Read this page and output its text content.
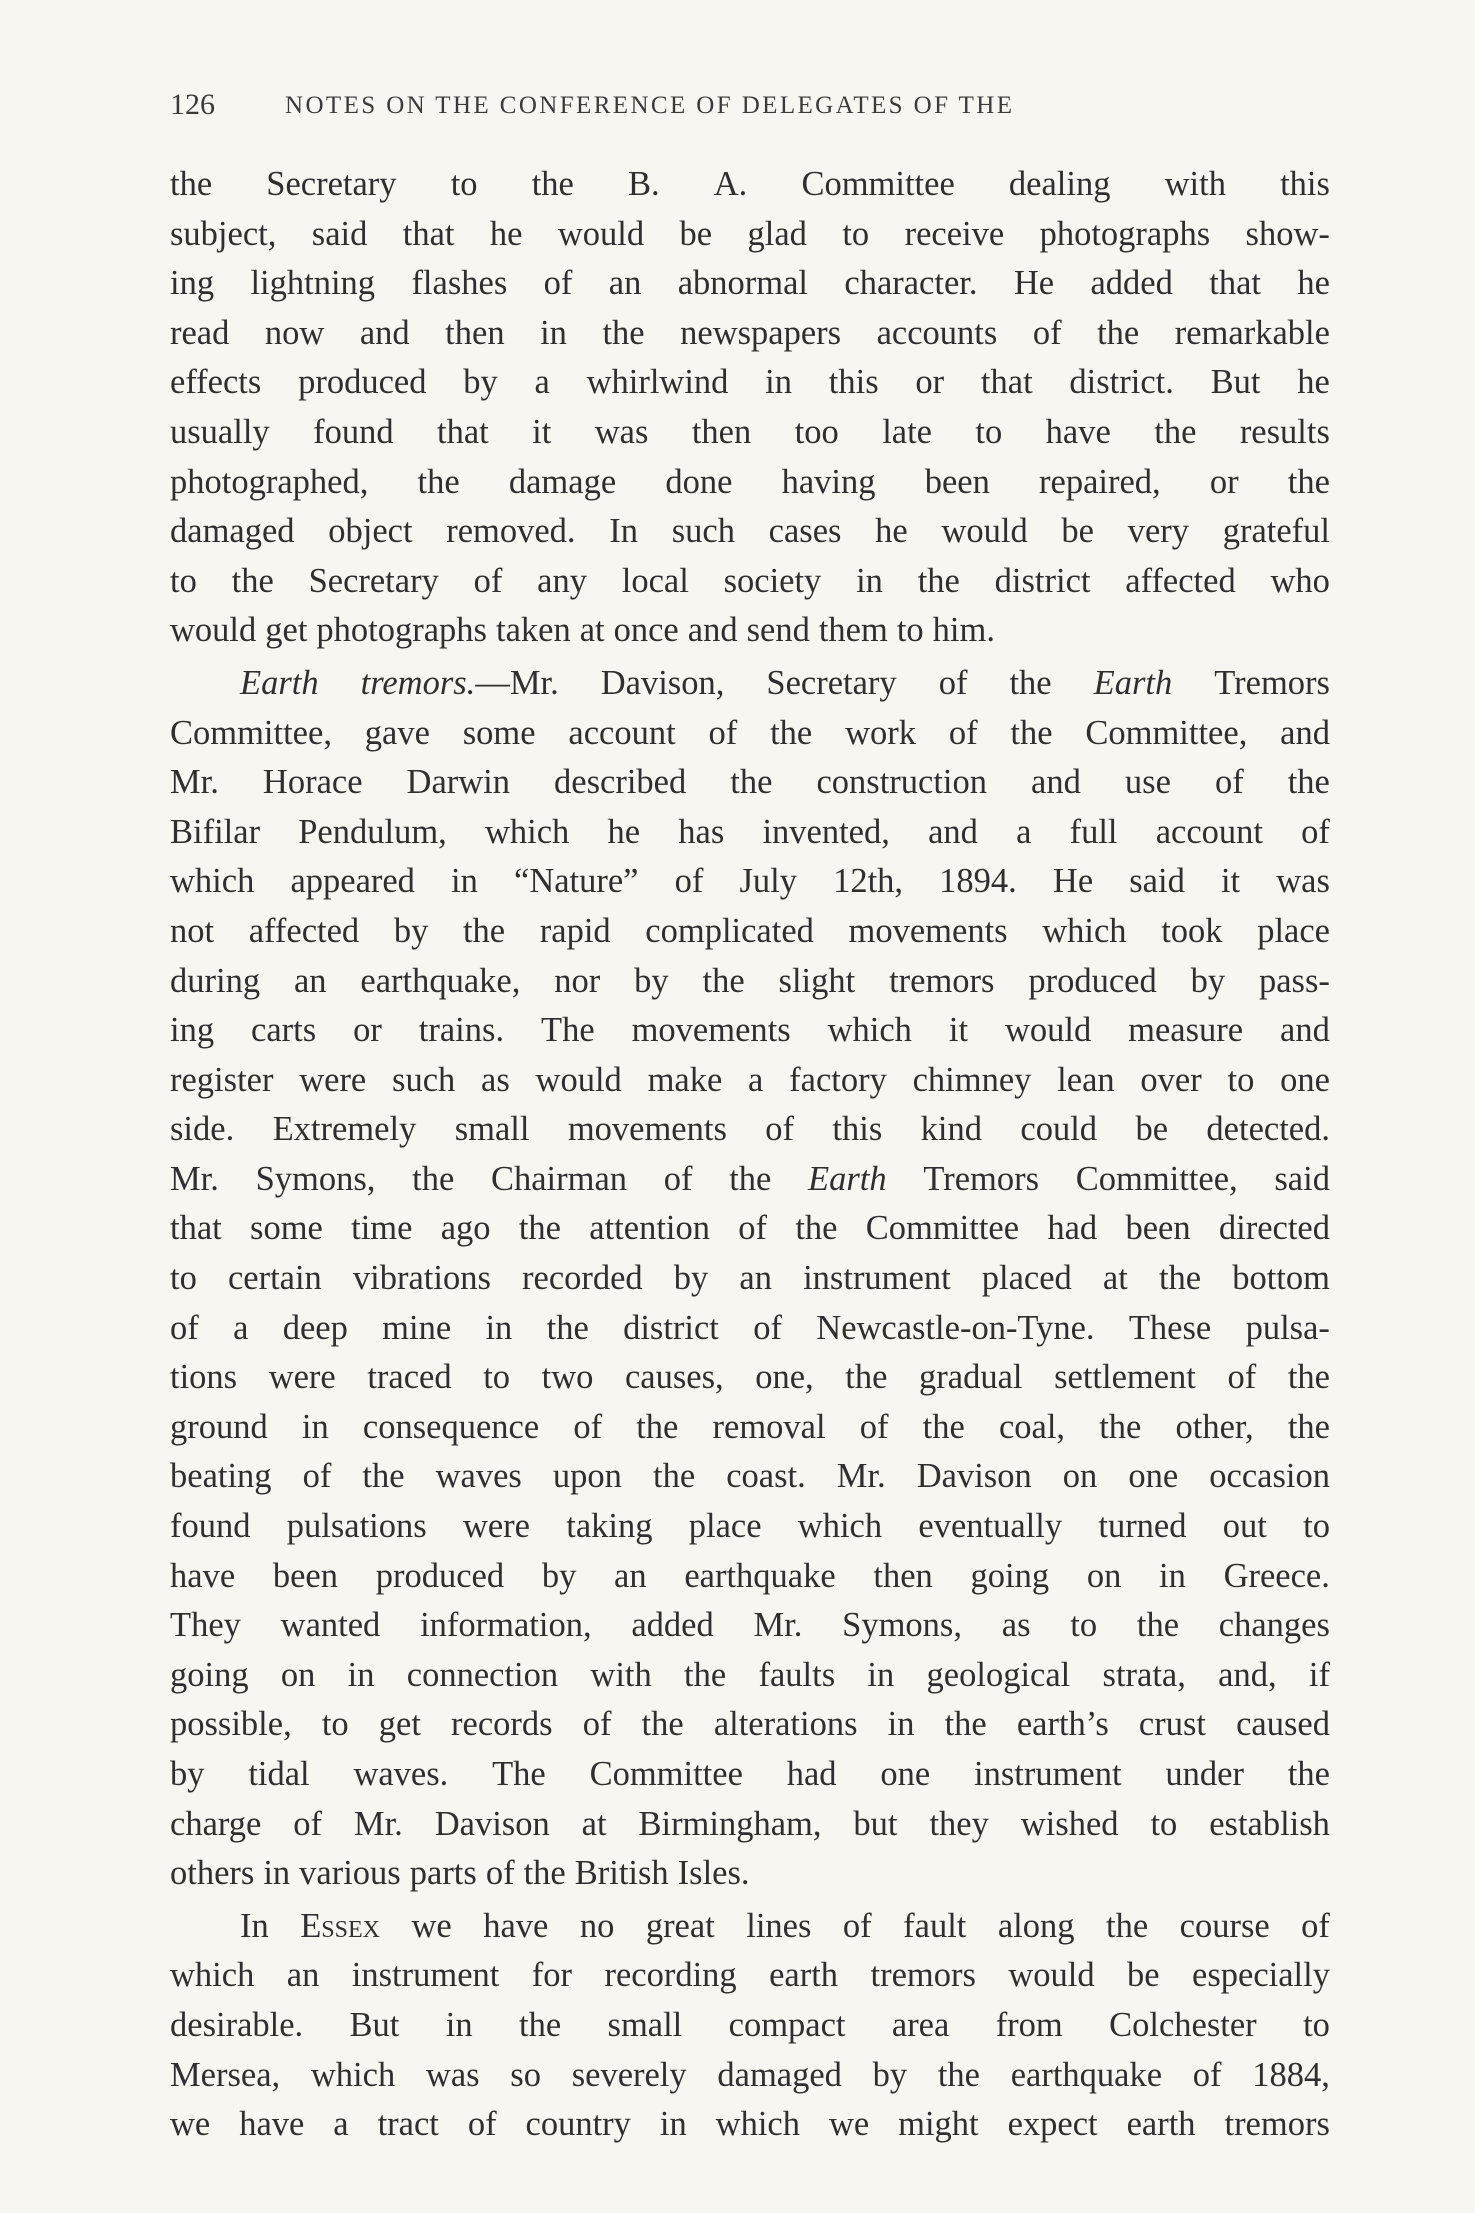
126	NOTES ON THE CONFERENCE OF DELEGATES OF THE
the Secretary to the B. A. Committee dealing with this
subject, said that he would be glad to receive photographs show-
ing lightning flashes of an abnormal character. He added that he
read now and then in the newspapers accounts of the remarkable
effects produced by a whirlwind in this or that district. But he
usually found that it was then too late to have the results
photographed, the damage done having been repaired, or the
damaged object removed. In such cases he would be very grateful
to the Secretary of any local society in the district affected who
would get photographs taken at once and send them to him.
Earth tremors.—Mr. Davison, Secretary of the Earth Tremors
Committee, gave some account of the work of the Committee, and
Mr. Horace Darwin described the construction and use of the
Bifilar Pendulum, which he has invented, and a full account of
which appeared in “Nature” of July 12th, 1894. He said it was
not affected by the rapid complicated movements which took place
during an earthquake, nor by the slight tremors produced by pass-
ing carts or trains. The movements which it would measure and
register were such as would make a factory chimney lean over to one
side. Extremely small movements of this kind could be detected.
Mr. Symons, the Chairman of the Earth Tremors Committee, said
that some time ago the attention of the Committee had been directed
to certain vibrations recorded by an instrument placed at the bottom
of a deep mine in the district of Newcastle-on-Tyne. These pulsa-
tions were traced to two causes, one, the gradual settlement of the
ground in consequence of the removal of the coal, the other, the
beating of the waves upon the coast. Mr. Davison on one occasion
found pulsations were taking place which eventually turned out to
have been produced by an earthquake then going on in Greece.
They wanted information, added Mr. Symons, as to the changes
going on in connection with the faults in geological strata, and, if
possible, to get records of the alterations in the earth’s crust caused
by tidal waves. The Committee had one instrument under the
charge of Mr. Davison at Birmingham, but they wished to establish
others in various parts of the British Isles.
In Essex we have no great lines of fault along the course of
which an instrument for recording earth tremors would be especially
desirable. But in the small compact area from Colchester to
Mersea, which was so severely damaged by the earthquake of 1884,
we have a tract of country in which we might expect earth tremors
